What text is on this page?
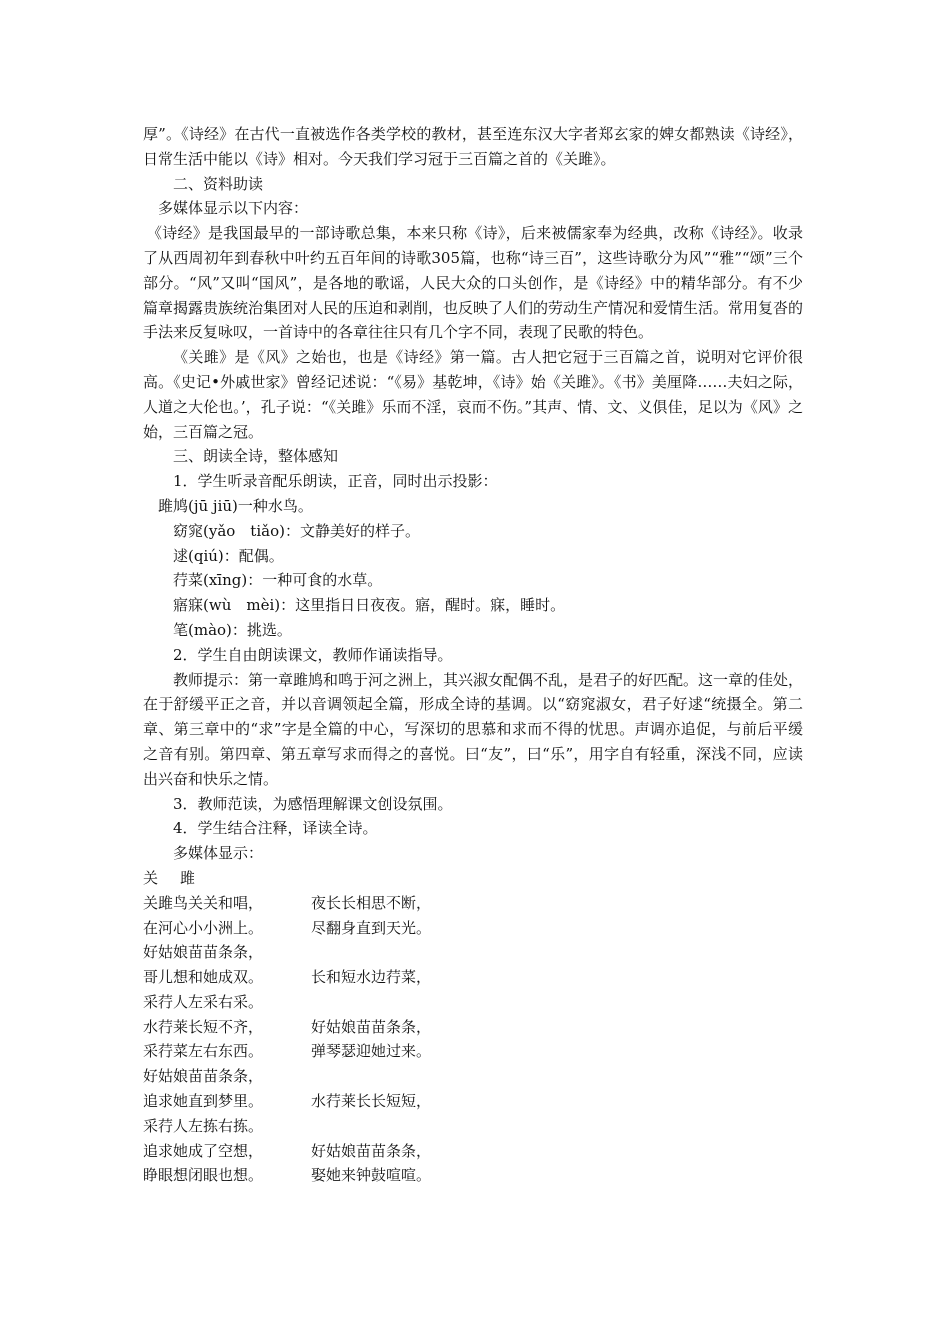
厚”。《诗经》在古代一直被选作各类学校的教材，甚至连东汉大字者郑玄家的婢女都熟读《诗经》，日常生活中能以《诗》相对。今天我们学习冠于三百篇之首的《关雎》。

二、资料助读

多媒体显示以下内容：

《诗经》是我国最早的一部诗歌总集，本来只称《诗》，后来被儒家奉为经典，改称《诗经》。收录了从西周初年到春秋中叶约五百年间的诗歌305篇，也称“诗三百”，这些诗歌分为风”“雅”“颂”三个部分。“风”又叫“国风”，是各地的歌谣，人民大众的口头创作，是《诗经》中的精华部分。有不少篇章揭露贵族统治集团对人民的压迫和剥削，也反映了人们的劳动生产情况和爱情生活。常用复沓的手法来反复咏叹，一首诗中的各章往往只有几个字不同，表现了民歌的特色。

《关雎》是《风》之始也，也是《诗经》第一篇。古人把它冠于三百篇之首，说明对它评价很高。《史记•外戚世家》曾经记述说：“《易》基乾坤，《诗》始《关雎》。《书》美厘降……夫妇之际，人道之大伦也。’，孔子说：“《关雎》乐而不淫，哀而不伤。”其声、情、文、义俱佳，足以为《风》之始，三百篇之冠。

三、朗读全诗，整体感知

1．学生听录音配乐朗读，正音，同时出示投影：

雎鸠(jū jiū)一种水鸟。

窈窕(yǎo　tiǎo)：文静美好的样子。

逑(qiú)：配偶。

荇菜(xīng)：一种可食的水草。

寤寐(wù　mèi)：这里指日日夜夜。寤，醒时。寐，睡时。

笔(mào)：挑选。

2．学生自由朗读课文，教师作诵读指导。

教师提示：第一章雎鸠和鸣于河之洲上，其兴淑女配偶不乱，是君子的好匹配。这一章的佳处，在于舒缓平正之音，并以音调领起全篇，形成全诗的基调。以“窈窕淑女，君子好逑“统摄全。第二章、第三章中的“求”字是全篇的中心，写深切的思慕和求而不得的忧思。声调亦追促，与前后平缓之音有别。第四章、第五章写求而得之的喜悦。曰“友”，曰“乐”，用字自有轻重，深浅不同，应读出兴奋和快乐之情。

3．教师范读，为感悟理解课文创设氛围。

4．学生结合注释，译读全诗。

多媒体显示：

关 雎
关雎鸟关关和唱，	夜长长相思不断，
在河心小小洲上。	尽翻身直到天光。
好姑娘苗苗条条，
哥儿想和她成双。	长和短水边荇菜，
采荇人左采右采。
水荇莱长短不齐，	好姑娘苗苗条条，
采荇菜左右东西。	弹琴瑟迎她过来。
好姑娘苗苗条条，
追求她直到梦里。	水荇莱长长短短，
采荇人左拣右拣。
追求她成了空想，	好姑娘苗苗条条，
睁眼想闭眼也想。	娶她来钟鼓喧喧。
